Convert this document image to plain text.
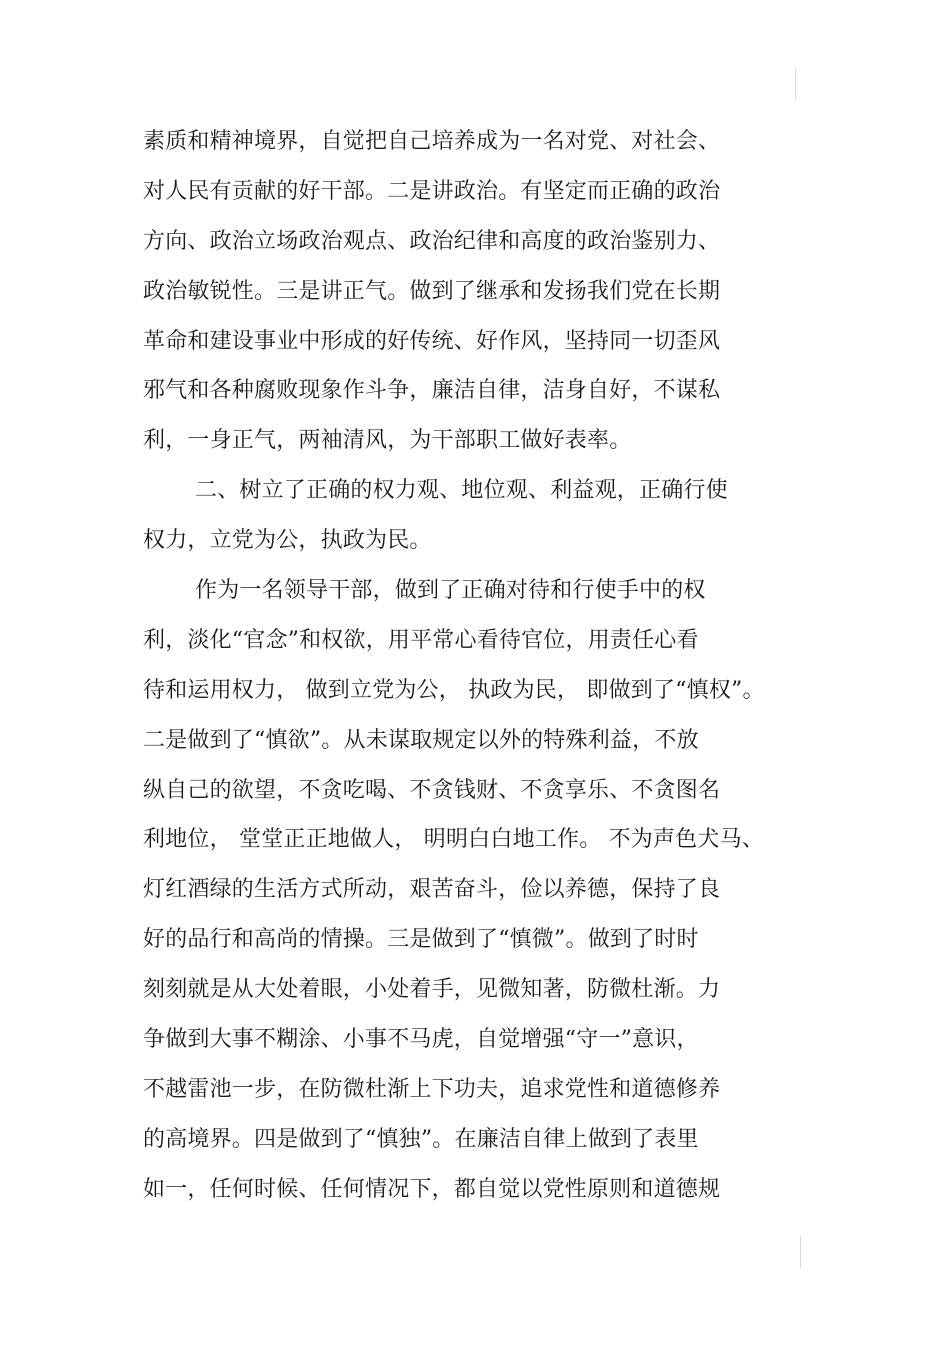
素质和精神境界，自觉把自己培养成为一名对党、对社会、
对人民有贡献的好干部。二是讲政治。有坚定而正确的政治
方向、政治立场政治观点、政治纪律和高度的政治鉴别力、
政治敏锐性。三是讲正气。做到了继承和发扬我们党在长期
革命和建设事业中形成的好传统、好作风，坚持同一切歪风
邪气和各种腐败现象作斗争，廉洁自律，洁身自好，不谋私
利，一身正气，两袖清风，为干部职工做好表率。
二、树立了正确的权力观、地位观、利益观，正确行使
权力，立党为公，执政为民。
作为一名领导干部，做到了正确对待和行使手中的权
利，淡化“官念”和权欲，用平常心看待官位，用责任心看
待和运用权力， 做到立党为公， 执政为民， 即做到了“慎权”。
二是做到了“慎欲”。从未谋取规定以外的特殊利益，不放
纵自己的欲望，不贪吃喝、不贪钱财、不贪享乐、不贪图名
利地位， 堂堂正正地做人， 明明白白地工作。 不为声色犬马、
灯红酒绿的生活方式所动，艰苦奋斗，俭以养德，保持了良
好的品行和高尚的情操。三是做到了“慎微”。做到了时时
刻刻就是从大处着眼，小处着手，见微知著，防微杜渐。力
争做到大事不糊涂、小事不马虎，自觉增强“守一”意识，
不越雷池一步，在防微杜渐上下功夫，追求党性和道德修养
的高境界。四是做到了“慎独”。在廉洁自律上做到了表里
如一，任何时候、任何情况下，都自觉以党性原则和道德规
